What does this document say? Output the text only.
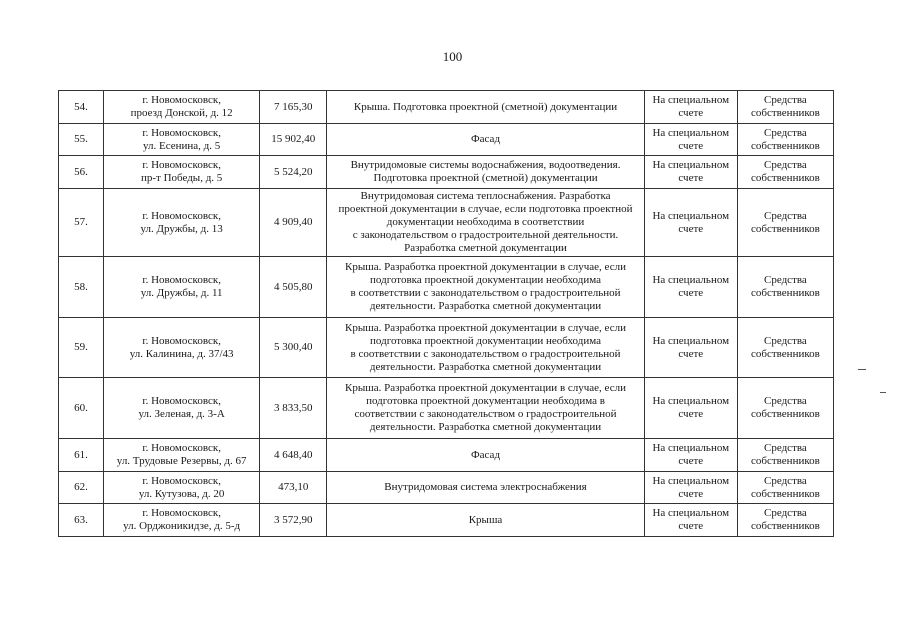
100
54.	г. Новомосковск,
проезд Донской, д. 12	7 165,30	Крыша. Подготовка проектной (сметной) документации	На специальном
счете	Средства
собственников

55.	г. Новомосковск,
ул. Есенина, д. 5	15 902,40	Фасад	На специальном
счете	Средства
собственников

56.	г. Новомосковск,
пр-т Победы, д. 5	5 524,20	Внутридомовые системы водоснабжения, водоотведения.
Подготовка проектной (сметной) документации	На специальном
счете	Средства
собственников

57.	г. Новомосковск,
ул. Дружбы, д. 13	4 909,40	Внутридомовая система теплоснабжения. Разработка
проектной документации в случае, если подготовка проектной
документации необходима в соответствии
с законодательством о градостроительной деятельности.
Разработка сметной документации	На специальном
счете	Средства
собственников

58.	г. Новомосковск,
ул. Дружбы, д. 11	4 505,80	Крыша. Разработка проектной документации в случае, если
подготовка проектной документации необходима
в соответствии с законодательством о градостроительной
деятельности. Разработка сметной документации	На специальном
счете	Средства
собственников

59.	г. Новомосковск,
ул. Калинина, д. 37/43	5 300,40	Крыша. Разработка проектной документации в случае, если
подготовка проектной документации необходима
в соответствии с законодательством о градостроительной
деятельности. Разработка сметной документации	На специальном
счете	Средства
собственников

60.	г. Новомосковск,
ул. Зеленая, д. 3-А	3 833,50	Крыша. Разработка проектной документации в случае, если
подготовка проектной документации необходима в
соответствии с законодательством о градостроительной
деятельности. Разработка сметной документации	На специальном
счете	Средства
собственников

61.	г. Новомосковск,
ул. Трудовые Резервы, д. 67	4 648,40	Фасад	На специальном
счете	Средства
собственников

62.	г. Новомосковск,
ул. Кутузова, д. 20	473,10	Внутридомовая система электроснабжения	На специальном
счете	Средства
собственников

63.	г. Новомосковск,
ул. Орджоникидзе, д. 5-д	3 572,90	Крыша	На специальном
счете	Средства
собственников
